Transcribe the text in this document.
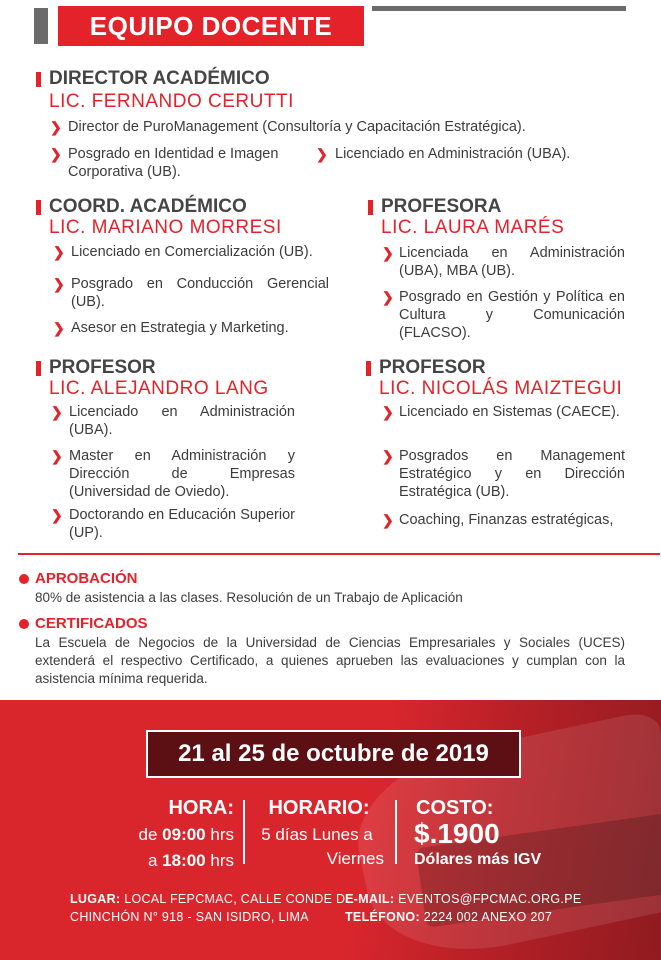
EQUIPO DOCENTE
DIRECTOR ACADÉMICO
LIC. FERNANDO CERUTTI
❯ Director de PuroManagement (Consultoría y Capacitación Estratégica).
❯ Posgrado en Identidad e Imagen Corporativa (UB).
❯ Licenciado en Administración (UBA).
COORD. ACADÉMICO
LIC. MARIANO MORRESI
❯ Licenciado en Comercialización (UB).
❯ Posgrado en Conducción Gerencial (UB).
❯ Asesor en Estrategia y Marketing.
PROFESORA
LIC. LAURA MARÉS
❯ Licenciada en Administración (UBA), MBA (UB).
❯ Posgrado en Gestión y Política en Cultura y Comunicación (FLACSO).
PROFESOR
LIC. ALEJANDRO LANG
❯ Licenciado en Administración (UBA).
❯ Master en Administración y Dirección de Empresas (Universidad de Oviedo).
❯ Doctorando en Educación Superior (UP).
PROFESOR
LIC. NICOLÁS MAIZTEGUI
❯ Licenciado en Sistemas (CAECE).
❯ Posgrados en Management Estratégico y en Dirección Estratégica (UB).
❯ Coaching, Finanzas estratégicas,
APROBACIÓN
80% de asistencia a las clases. Resolución de un Trabajo de Aplicación
CERTIFICADOS
La Escuela de Negocios de la Universidad de Ciencias Empresariales y Sociales (UCES) extenderá el respectivo Certificado, a quienes aprueben las evaluaciones y cumplan con la asistencia mínima requerida.
21 al 25 de octubre de 2019
HORA:
de 09:00 hrs
a 18:00 hrs
HORARIO:
5 días Lunes a
Viernes
COSTO:
$.1900
Dólares más IGV
LUGAR: LOCAL FEPCMAC, CALLE CONDE DE
CHINCHÓN N° 918 - SAN ISIDRO, LIMA
E-MAIL: EVENTOS@FPCMAC.ORG.PE
TELÉFONO: 2224 002 ANEXO 207
